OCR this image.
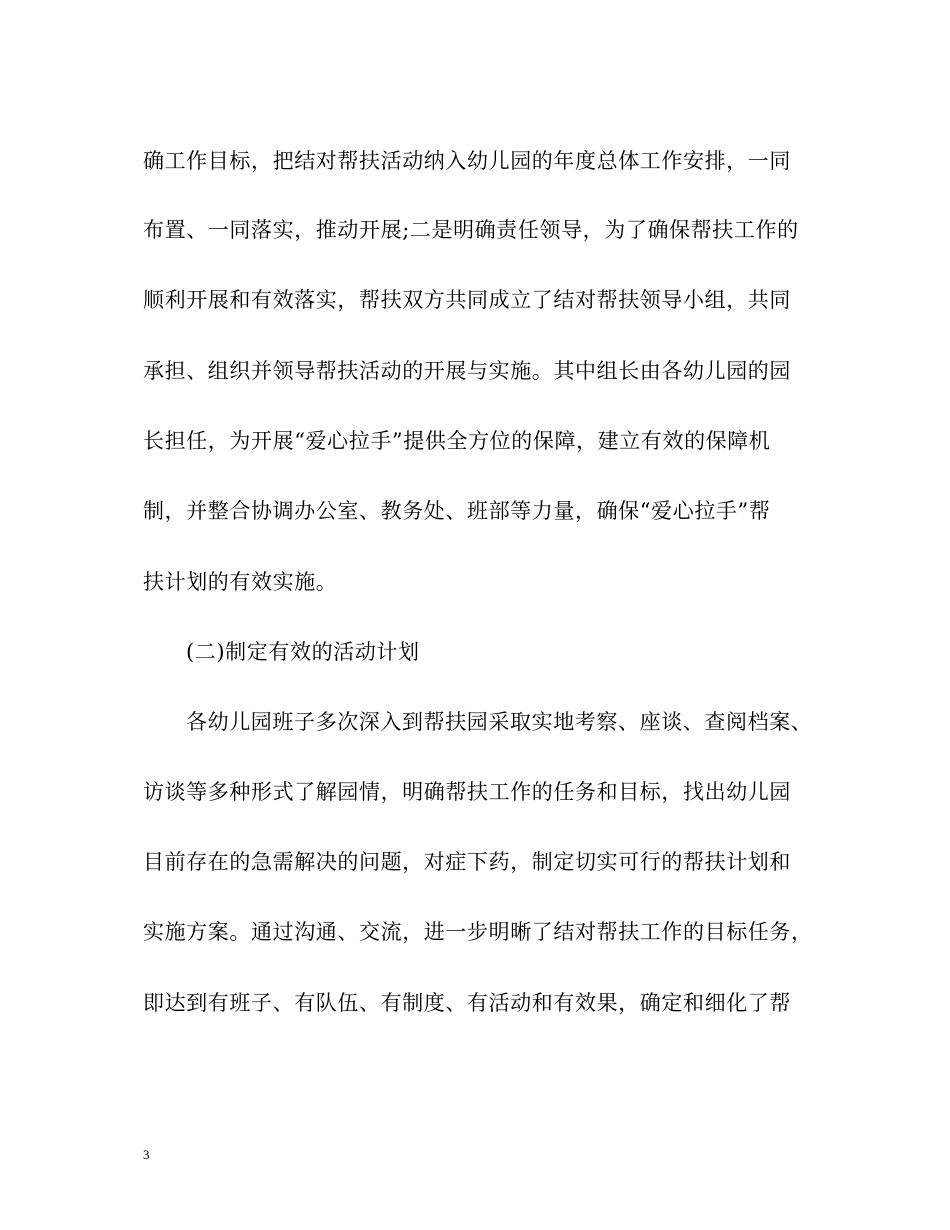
确工作目标，把结对帮扶活动纳入幼儿园的年度总体工作安排，一同
布置、一同落实，推动开展;二是明确责任领导，为了确保帮扶工作的
顺利开展和有效落实，帮扶双方共同成立了结对帮扶领导小组，共同
承担、组织并领导帮扶活动的开展与实施。其中组长由各幼儿园的园
长担任，为开展“爱心拉手”提供全方位的保障，建立有效的保障机
制，并整合协调办公室、教务处、班部等力量，确保“爱心拉手”帮
扶计划的有效实施。
(二)制定有效的活动计划
各幼儿园班子多次深入到帮扶园采取实地考察、座谈、查阅档案、
访谈等多种形式了解园情，明确帮扶工作的任务和目标，找出幼儿园
目前存在的急需解决的问题，对症下药，制定切实可行的帮扶计划和
实施方案。通过沟通、交流，进一步明晰了结对帮扶工作的目标任务，
即达到有班子、有队伍、有制度、有活动和有效果，确定和细化了帮
3
